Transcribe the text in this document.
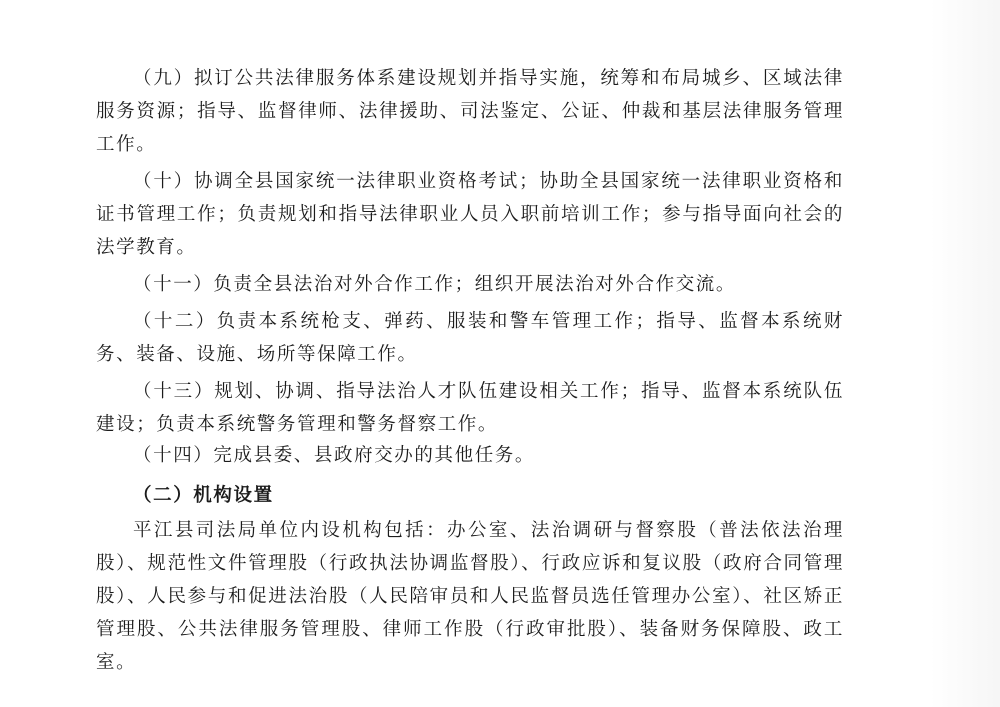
（九）拟订公共法律服务体系建设规划并指导实施，统筹和布局城乡、区域法律服务资源；指导、监督律师、法律援助、司法鉴定、公证、仲裁和基层法律服务管理工作。

（十）协调全县国家统一法律职业资格考试；协助全县国家统一法律职业资格和证书管理工作；负责规划和指导法律职业人员入职前培训工作；参与指导面向社会的法学教育。

（十一）负责全县法治对外合作工作；组织开展法治对外合作交流。

（十二）负责本系统枪支、弹药、服装和警车管理工作；指导、监督本系统财务、装备、设施、场所等保障工作。

（十三）规划、协调、指导法治人才队伍建设相关工作；指导、监督本系统队伍建设；负责本系统警务管理和警务督察工作。

（十四）完成县委、县政府交办的其他任务。

（二）机构设置

平江县司法局单位内设机构包括：办公室、法治调研与督察股（普法依法治理股）、规范性文件管理股（行政执法协调监督股）、行政应诉和复议股（政府合同管理股）、人民参与和促进法治股（人民陪审员和人民监督员选任管理办公室）、社区矫正管理股、公共法律服务管理股、律师工作股（行政审批股）、装备财务保障股、政工室。
